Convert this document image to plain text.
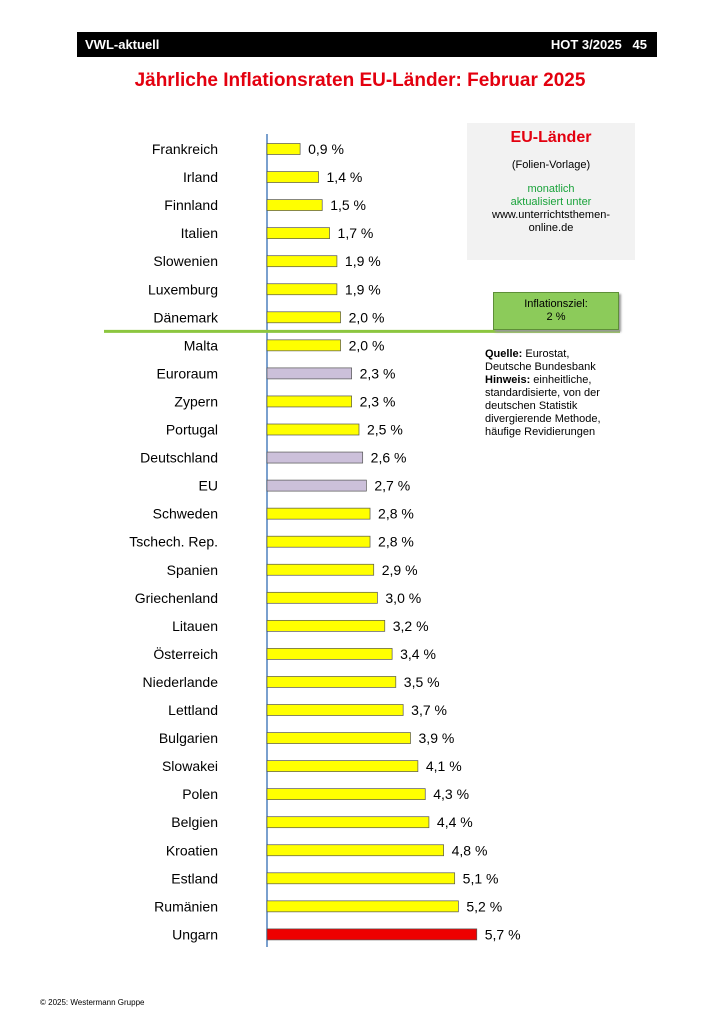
VWL-aktuell	HOT 3/2025   45
Jährliche Inflationsraten EU-Länder: Februar 2025
Frankreich	0,9 %
Irland	1,4 %
Finnland	1,5 %
Italien	1,7 %
Slowenien	1,9 %
Luxemburg	1,9 %
Dänemark	2,0 %
Malta	2,0 %
Euroraum	2,3 %
Zypern	2,3 %
Portugal	2,5 %
Deutschland	2,6 %
EU	2,7 %
Schweden	2,8 %
Tschech. Rep.	2,8 %
Spanien	2,9 %
Griechenland	3,0 %
Litauen	3,2 %
Österreich	3,4 %
Niederlande	3,5 %
Lettland	3,7 %
Bulgarien	3,9 %
Slowakei	4,1 %
Polen	4,3 %
Belgien	4,4 %
Kroatien	4,8 %
Estland	5,1 %
Rumänien	5,2 %
Ungarn	5,7 %
EU-Länder
(Folien-Vorlage)
monatlich
aktualisiert unter
www.unterrichtsthemen-
online.de
Inflationsziel:
2 %
Quelle: Eurostat,
Deutsche Bundesbank
Hinweis: einheitliche,
standardisierte, von der
deutschen Statistik
divergierende Methode,
häufige Revidierungen
© 2025: Westermann Gruppe
